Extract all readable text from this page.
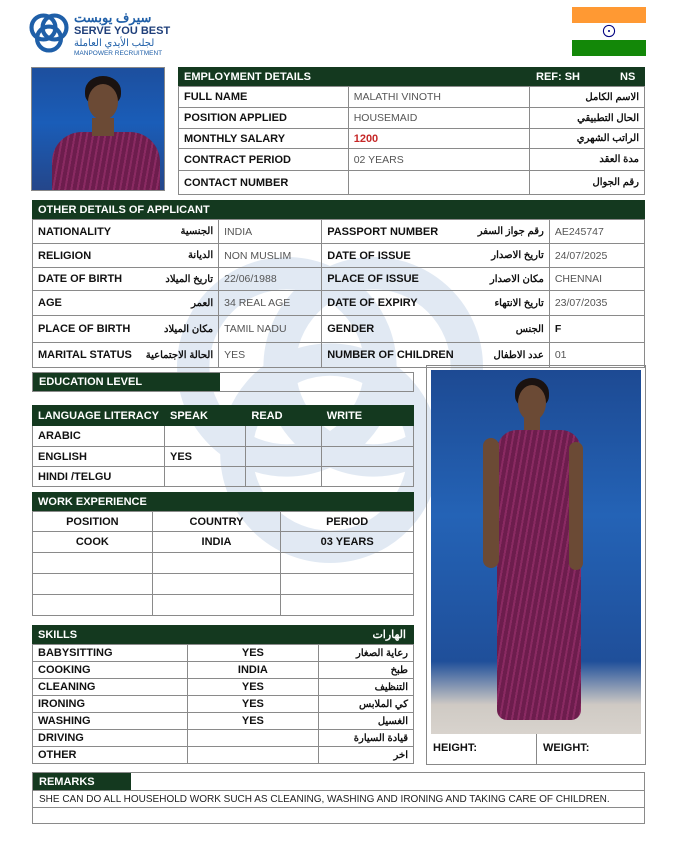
سيرف يوبست
SERVE YOU BEST
لجلب الأيدي العاملة
MANPOWER RECRUITMENT
EMPLOYMENT DETAILS	REF: SH	NS
FULL NAME	MALATHI VINOTH	الاسم الكامل
POSITION APPLIED	HOUSEMAID	الحال التطبيقي
MONTHLY SALARY	1200	الراتب الشهري
CONTRACT PERIOD	02 YEARS	مدة العقد
CONTACT NUMBER		رقم الجوال
OTHER DETAILS OF APPLICANT
NATIONALITY	الجنسية	INDIA	PASSPORT NUMBER	رقم جواز السفر	AE245747
RELIGION	الديانة	NON MUSLIM	DATE OF ISSUE	تاريخ الاصدار	24/07/2025
DATE OF BIRTH	تاريخ الميلاد	22/06/1988	PLACE OF ISSUE	مكان الاصدار	CHENNAI
AGE	العمر	34 REAL AGE	DATE OF EXPIRY	تاريخ الانتهاء	23/07/2035
PLACE OF BIRTH	مكان الميلاد	TAMIL NADU	GENDER	الجنس	F
MARITAL STATUS	الحالة الاجتماعية	YES	NUMBER OF CHILDREN	عدد الاطفال	01
EDUCATION LEVEL
LANGUAGE LITERACY	SPEAK	READ	WRITE
ARABIC			
ENGLISH	YES		
HINDI /TELGU			
WORK EXPERIENCE
POSITION	COUNTRY	PERIOD
COOK	INDIA	03 YEARS

SKILLS	الهارات
BABYSITTING	YES	رعاية الصغار
COOKING	INDIA	طبخ
CLEANING	YES	التنظيف
IRONING	YES	كي الملابس
WASHING	YES	الغسيل
DRIVING		قيادة السيارة
OTHER		اخر
HEIGHT:	WEIGHT:
REMARKS
SHE CAN DO ALL HOUSEHOLD WORK SUCH AS CLEANING, WASHING AND IRONING AND TAKING CARE OF CHILDREN.
